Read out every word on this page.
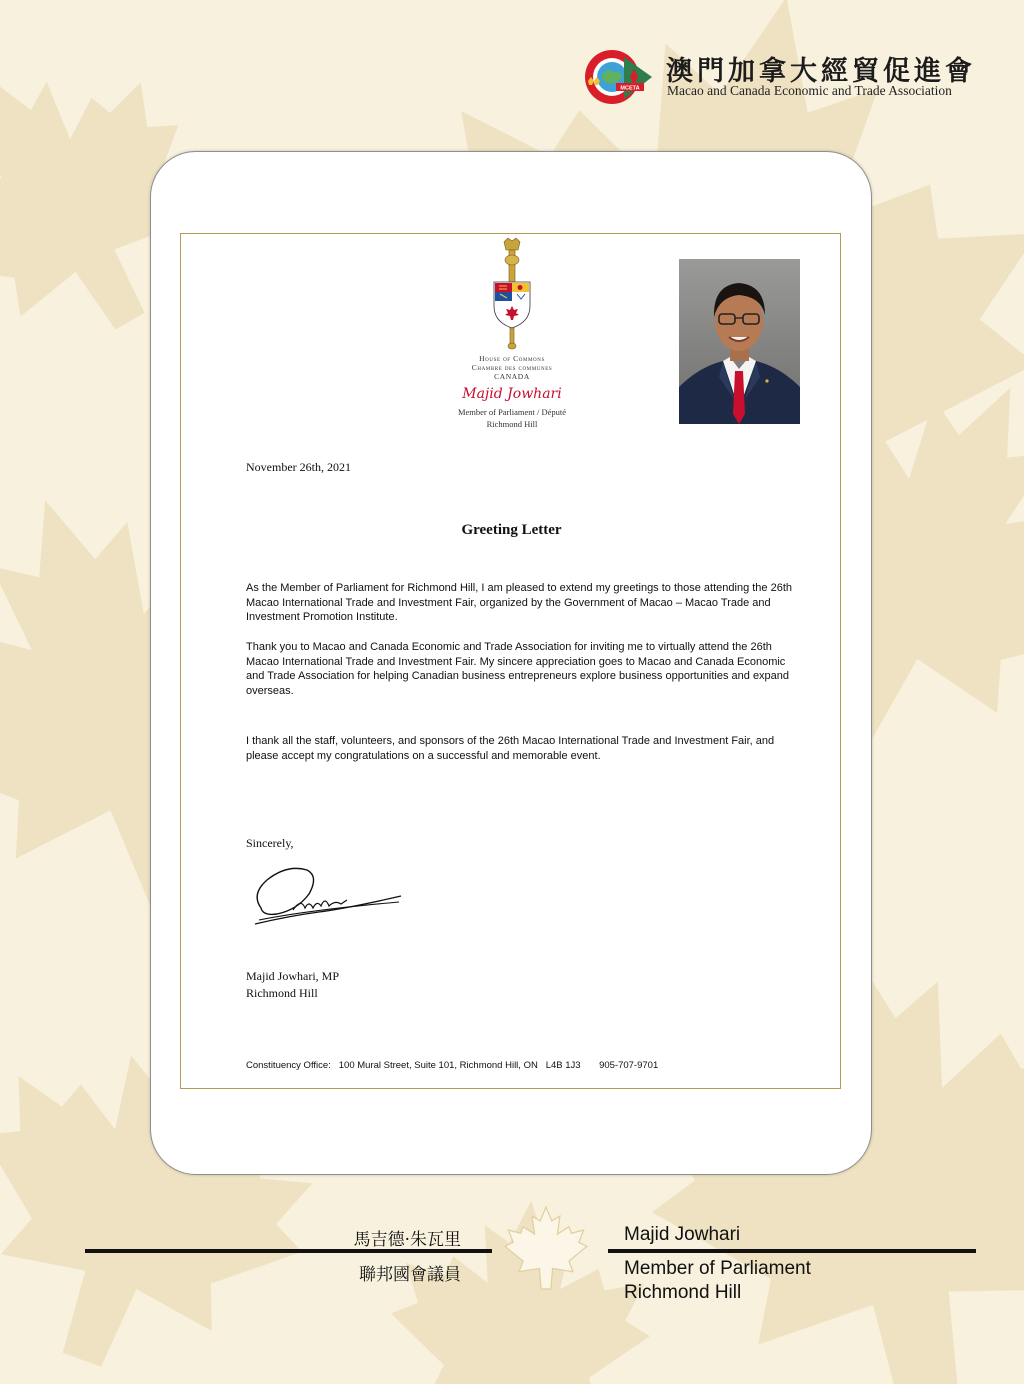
MCETA
澳門加拿大經貿促進會
Macao and Canada Economic and Trade Association
House of Commons
Chambre des communes
CANADA
Majid Jowhari
Member of Parliament / Député
Richmond Hill
November 26th, 2021
Greeting Letter

As the Member of Parliament for Richmond Hill, I am pleased to extend my greetings to those attending the 26th Macao International Trade and Investment Fair, organized by the Government of Macao – Macao Trade and Investment Promotion Institute.

Thank you to Macao and Canada Economic and Trade Association for inviting me to virtually attend the 26th Macao International Trade and Investment Fair. My sincere appreciation goes to Macao and Canada Economic and Trade Association for helping Canadian business entrepreneurs explore business opportunities and expand overseas.

I thank all the staff, volunteers, and sponsors of the 26th Macao International Trade and Investment Fair, and please accept my congratulations on a successful and memorable event.

Sincerely,
Majid Jowhari, MP
Richmond Hill
Constituency Office:   100 Mural Street, Suite 101, Richmond Hill, ON   L4B 1J3       905-707-9701
馬吉德·朱瓦里
聯邦國會議員
Majid Jowhari
Member of Parliament
Richmond Hill
